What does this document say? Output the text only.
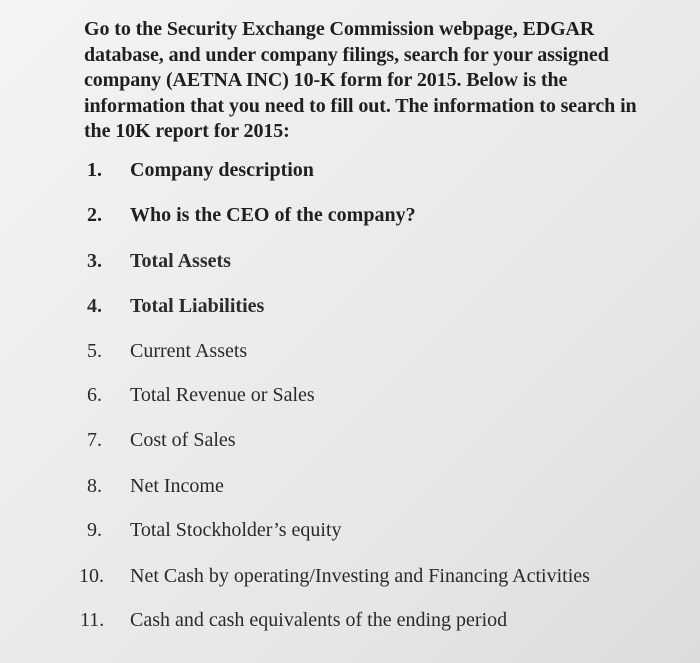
Go to the Security Exchange Commission webpage, EDGAR database, and under company filings, search for your assigned company (AETNA INC) 10-K form for 2015. Below is the information that you need to fill out. The information to search in the 10K report for 2015:
1. Company description
2. Who is the CEO of the company?
3. Total Assets
4. Total Liabilities
5. Current Assets
6. Total Revenue or Sales
7. Cost of Sales
8. Net Income
9. Total Stockholder’s equity
10. Net Cash by operating/Investing and Financing Activities
11. Cash and cash equivalents of the ending period
